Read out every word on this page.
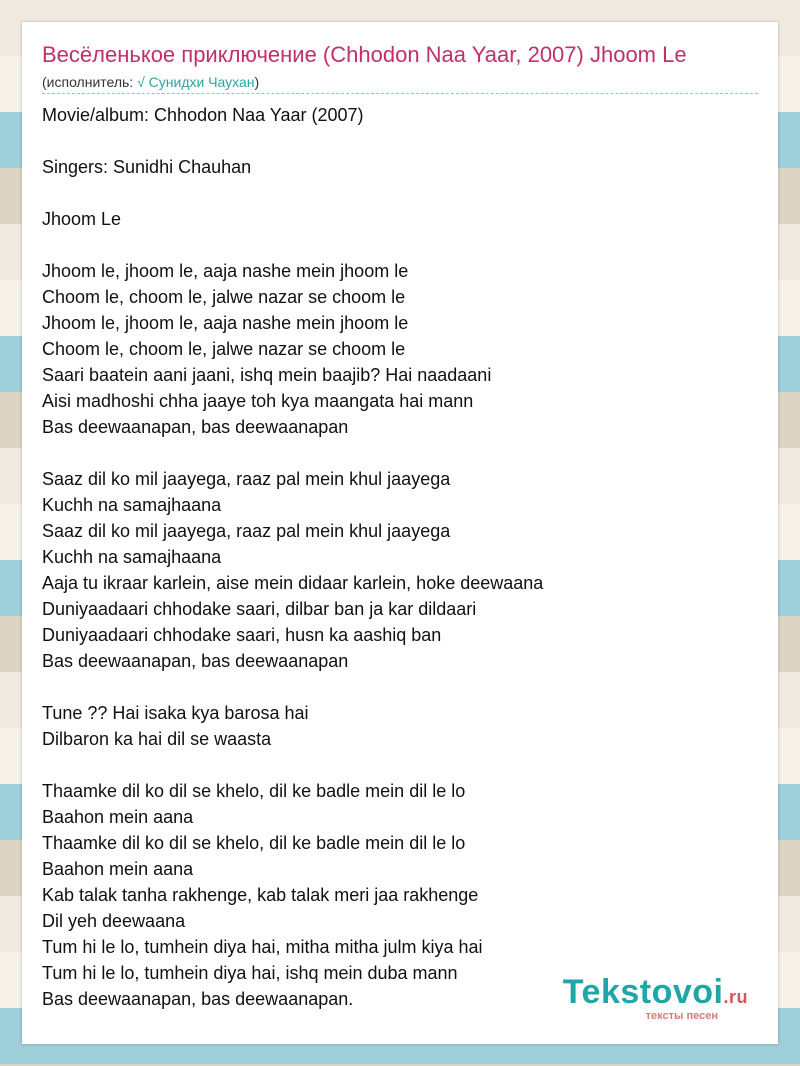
Весёленькое приключение (Chhodon Naa Yaar, 2007) Jhoom Le
(исполнитель: √ Сунидхи Чаухан)
Movie/album: Chhodon Naa Yaar (2007)
Singers: Sunidhi Chauhan
Jhoom Le
Jhoom le, jhoom le, aaja nashe mein jhoom le
Choom le, choom le, jalwe nazar se choom le
Jhoom le, jhoom le, aaja nashe mein jhoom le
Choom le, choom le, jalwe nazar se choom le
Saari baatein aani jaani, ishq mein baajib? Hai naadaani
Aisi madhoshi chha jaaye toh kya maangata hai mann
Bas deewaanapan, bas deewaanapan
Saaz dil ko mil jaayega, raaz pal mein khul jaayega
Kuchh na samajhaana
Saaz dil ko mil jaayega, raaz pal mein khul jaayega
Kuchh na samajhaana
Aaja tu ikraar karlein, aise mein didaar karlein, hoke deewaana
Duniyaadaari chhodake saari, dilbar ban ja kar dildaari
Duniyaadaari chhodake saari, husn ka aashiq ban
Bas deewaanapan, bas deewaanapan
Tune ?? Hai isaka kya barosa hai
Dilbaron ka hai dil se waasta
Thaamke dil ko dil se khelo, dil ke badle mein dil le lo
Baahon mein aana
Thaamke dil ko dil se khelo, dil ke badle mein dil le lo
Baahon mein aana
Kab talak tanha rakhenge, kab talak meri jaa rakhenge
Dil yeh deewaana
Tum hi le lo, tumhein diya hai, mitha mitha julm kiya hai
Tum hi le lo, tumhein diya hai, ishq mein duba mann
Bas deewaanapan, bas deewaanapan.	Tekstovoi.ru
тексты песен
